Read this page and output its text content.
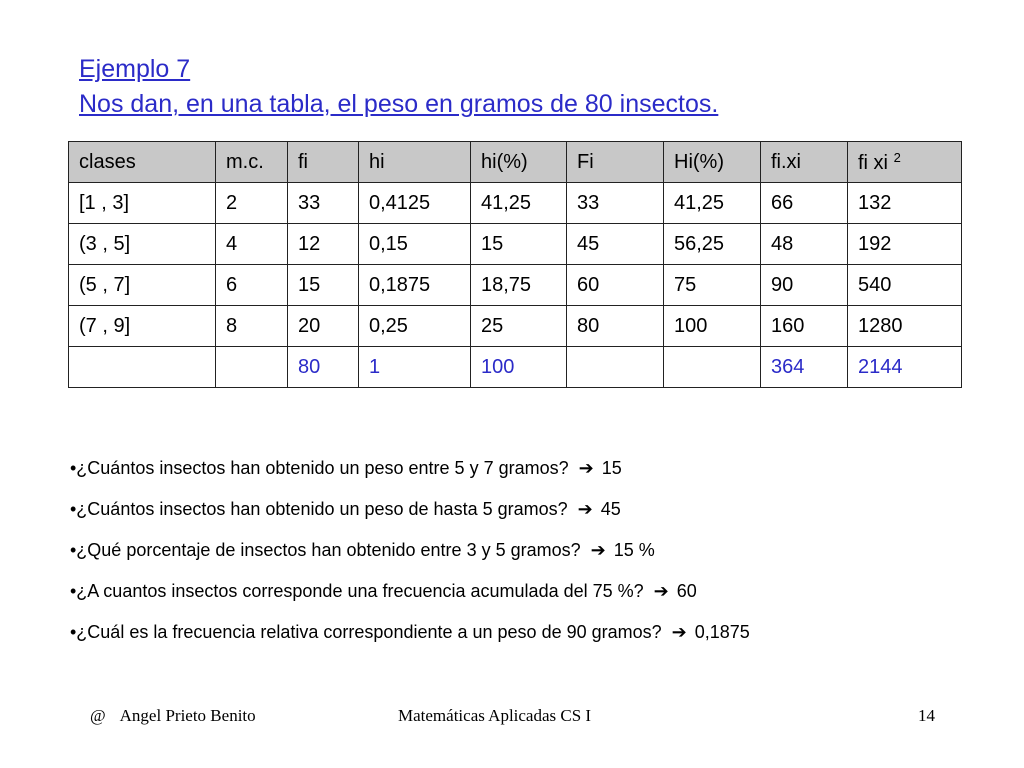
Ejemplo 7
Nos dan, en una tabla, el peso en gramos de 80 insectos.
clases	m.c.	fi	hi	hi(%)	Fi	Hi(%)	fi.xi	fi xi $^2$
[1 , 3]	2	33	0,4125	41,25	33	41,25	66	132
(3 , 5]	4	12	0,15	15	45	56,25	48	192
(5 , 7]	6	15	0,1875	18,75	60	75	90	540
(7 , 9]	8	20	0,25	25	80	100	160	1280
		80	1	100			364	2144
•¿Cuántos insectos han obtenido un peso entre 5 y 7 gramos? ➔ 15
•¿Cuántos insectos han obtenido un peso de hasta 5 gramos? ➔ 45
•¿Qué porcentaje de insectos han obtenido entre 3 y 5 gramos? ➔ 15 %
•¿A cuantos insectos corresponde una frecuencia acumulada del 75 %? ➔ 60
•¿Cuál es la frecuencia relativa correspondiente a un peso de 90 gramos? ➔ 0,1875
@ Angel Prieto Benito	Matemáticas Aplicadas CS I	14
